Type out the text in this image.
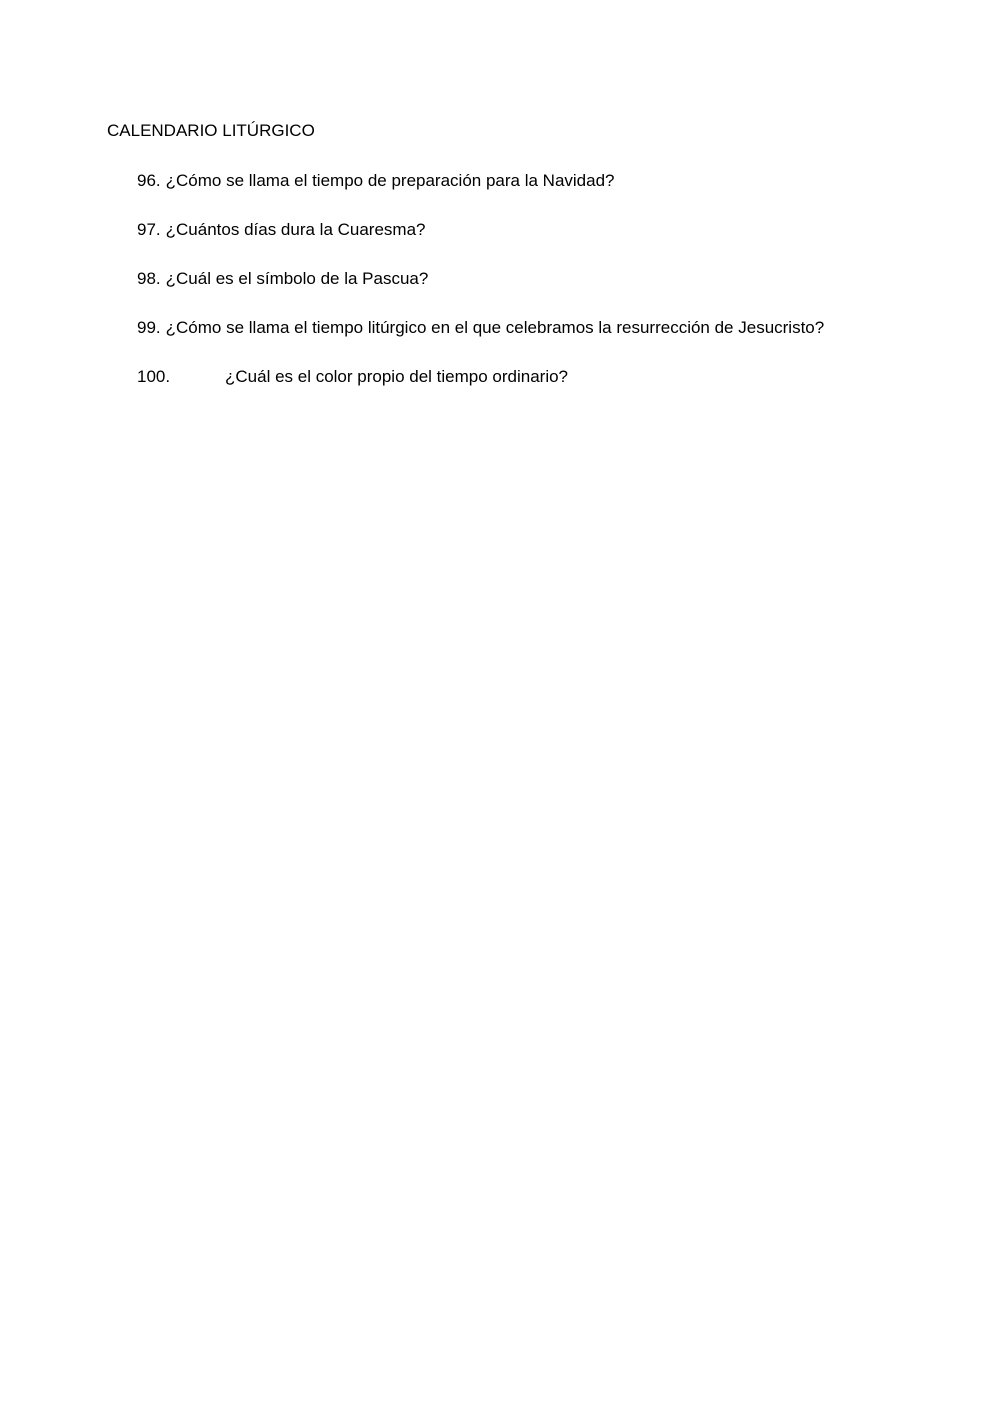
CALENDARIO LITÚRGICO
96. ¿Cómo se llama el tiempo de preparación para la Navidad?
97. ¿Cuántos días dura la Cuaresma?
98. ¿Cuál es el símbolo de la Pascua?
99. ¿Cómo se llama el tiempo litúrgico en el que celebramos la resurrección de Jesucristo?
100.	¿Cuál es el color propio del tiempo ordinario?
